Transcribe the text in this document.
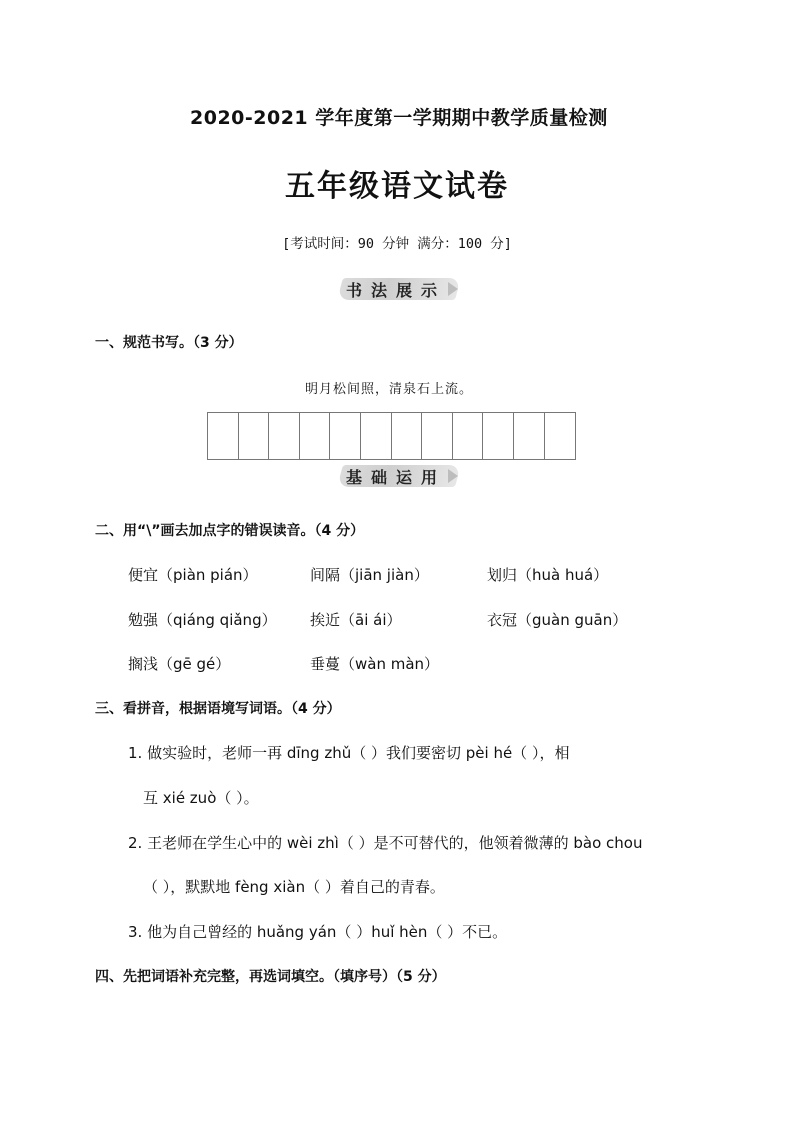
2020-2021 学年度第一学期期中教学质量检测
五年级语文试卷
[考试时间：90 分钟 满分：100 分]
书法展示
一、规范书写。（3 分）
明月松间照，清泉石上流。
基础运用
二、用“\”画去加点字的错误读音。（4 分）
便宜（piàn pián）	间隔（jiān jiàn）	划归（huà huá）
勉强（qiáng qiǎng） 挨近（āi ái）	衣冠（guàn guān）
搁浅（gē gé）	垂蔓（wàn màn）
三、看拼音，根据语境写词语。（4 分）
1. 做实验时，老师一再 dīng zhǔ（ ）我们要密切 pèi hé（ ），相
互 xié zuò（ ）。
2. 王老师在学生心中的 wèi zhì（ ）是不可替代的，他领着微薄的 bào chou
（ ），默默地 fèng xiàn（ ）着自己的青春。
3. 他为自己曾经的 huǎng yán（ ）huǐ hèn（ ）不已。
四、先把词语补充完整，再选词填空。（填序号）（5 分）
